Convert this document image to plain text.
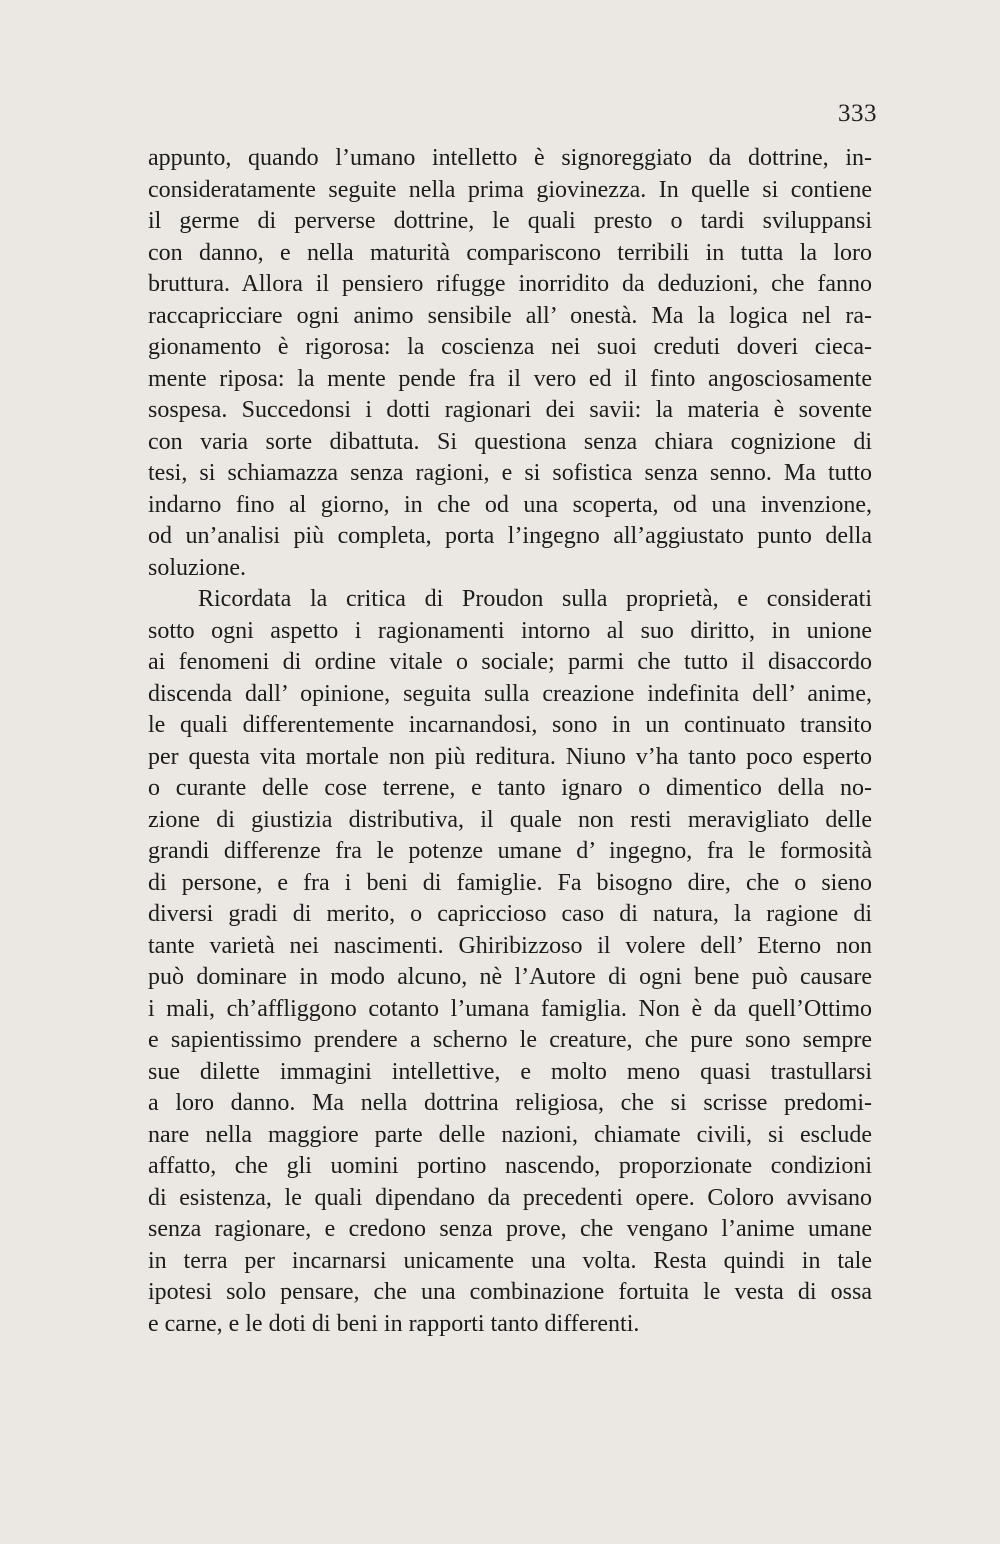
333
appunto, quando l’umano intelletto è signoreggiato da dottrine, in-
consideratamente seguite nella prima giovinezza. In quelle si contiene
il germe di perverse dottrine, le quali presto o tardi sviluppansi
con danno, e nella maturità compariscono terribili in tutta la loro
bruttura. Allora il pensiero rifugge inorridito da deduzioni, che fanno
raccapricciare ogni animo sensibile all’ onestà. Ma la logica nel ra-
gionamento è rigorosa: la coscienza nei suoi creduti doveri cieca-
mente riposa: la mente pende fra il vero ed il finto angosciosamente
sospesa. Succedonsi i dotti ragionari dei savii: la materia è sovente
con varia sorte dibattuta. Si questiona senza chiara cognizione di
tesi, si schiamazza senza ragioni, e si sofistica senza senno. Ma tutto
indarno fino al giorno, in che od una scoperta, od una invenzione,
od un’analisi più completa, porta l’ingegno all’aggiustato punto della
soluzione.
Ricordata la critica di Proudon sulla proprietà, e considerati
sotto ogni aspetto i ragionamenti intorno al suo diritto, in unione
ai fenomeni di ordine vitale o sociale; parmi che tutto il disaccordo
discenda dall’ opinione, seguita sulla creazione indefinita dell’ anime,
le quali differentemente incarnandosi, sono in un continuato transito
per questa vita mortale non più reditura. Niuno v’ha tanto poco esperto
o curante delle cose terrene, e tanto ignaro o dimentico della no-
zione di giustizia distributiva, il quale non resti meravigliato delle
grandi differenze fra le potenze umane d’ ingegno, fra le formosità
di persone, e fra i beni di famiglie. Fa bisogno dire, che o sieno
diversi gradi di merito, o capriccioso caso di natura, la ragione di
tante varietà nei nascimenti. Ghiribizzoso il volere dell’ Eterno non
può dominare in modo alcuno, nè l’Autore di ogni bene può causare
i mali, ch’affliggono cotanto l’umana famiglia. Non è da quell’Ottimo
e sapientissimo prendere a scherno le creature, che pure sono sempre
sue dilette immagini intellettive, e molto meno quasi trastullarsi
a loro danno. Ma nella dottrina religiosa, che si scrisse predomi-
nare nella maggiore parte delle nazioni, chiamate civili, si esclude
affatto, che gli uomini portino nascendo, proporzionate condizioni
di esistenza, le quali dipendano da precedenti opere. Coloro avvisano
senza ragionare, e credono senza prove, che vengano l’anime umane
in terra per incarnarsi unicamente una volta. Resta quindi in tale
ipotesi solo pensare, che una combinazione fortuita le vesta di ossa
e carne, e le doti di beni in rapporti tanto differenti.
